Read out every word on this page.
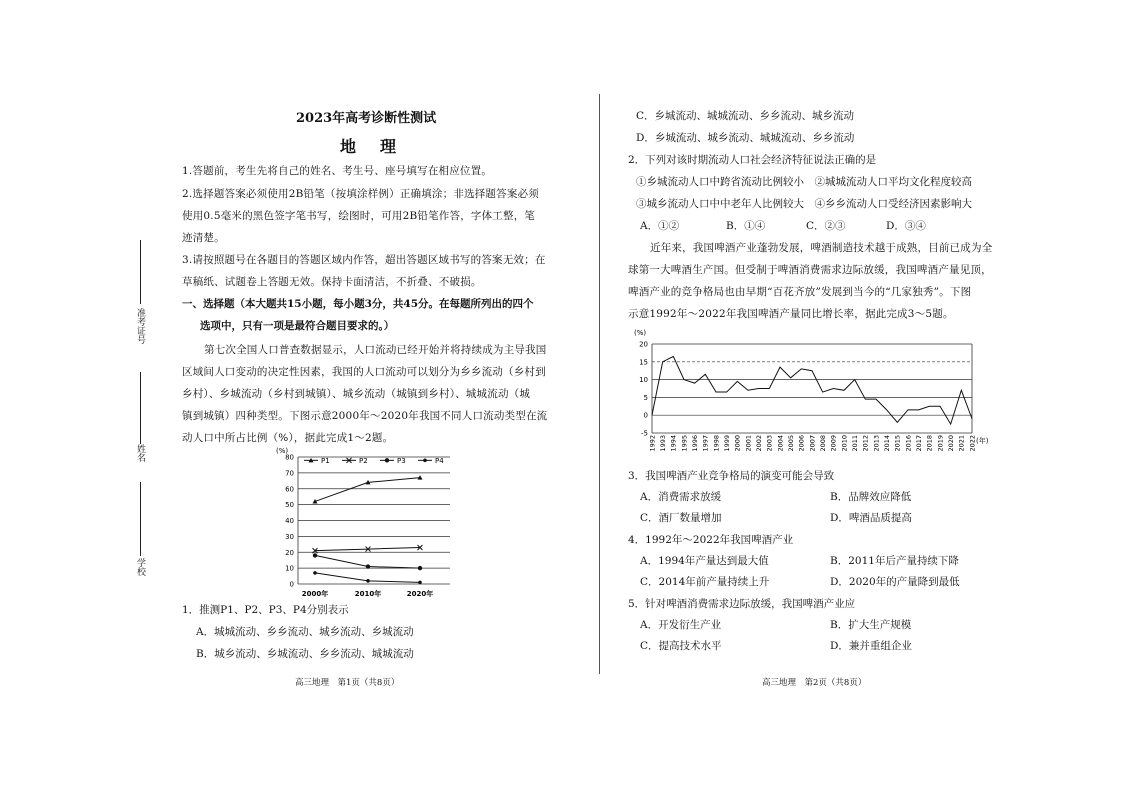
2023年高考诊断性测试
地　理
1.答题前，考生先将自己的姓名、考生号、座号填写在相应位置。
2.选择题答案必须使用2B铅笔（按填涂样例）正确填涂；非选择题答案必须
使用0.5毫米的黑色签字笔书写，绘图时，可用2B铅笔作答，字体工整，笔
迹清楚。
3.请按照题号在各题目的答题区域内作答，超出答题区域书写的答案无效；在
草稿纸、试题卷上答题无效。保持卡面清洁，不折叠、不破损。
一、选择题（本大题共15小题，每小题3分，共45分。在每题所列出的四个
选项中，只有一项是最符合题目要求的。）
第七次全国人口普查数据显示，人口流动已经开始并将持续成为主导我国
区域间人口变动的决定性因素，我国的人口流动可以划分为乡乡流动（乡村到
乡村）、乡城流动（乡村到城镇）、城乡流动（城镇到乡村）、城城流动（城
镇到城镇）四种类型。下图示意2000年～2020年我国不同人口流动类型在流
动人口中所占比例（%），据此完成1～2题。
(%)
0
10
20
30
40
50
60
70
80
2000年	2010年	2020年
P1	P2	P3	P4
1．推测P1、P2、P3、P4分别表示
A．城城流动、乡乡流动、城乡流动、乡城流动
B．城乡流动、乡城流动、乡乡流动、城城流动
高三地理　第1页（共8页）
准考证号
姓名
学校
C．乡城流动、城城流动、乡乡流动、城乡流动
D．乡城流动、城乡流动、城城流动、乡乡流动
2．下列对该时期流动人口社会经济特征说法正确的是
①乡城流动人口中跨省流动比例较小　②城城流动人口平均文化程度较高
③城乡流动人口中中老年人比例较大　④乡乡流动人口受经济因素影响大
A．①②	B．①④	C．②③	D．③④
近年来，我国啤酒产业蓬勃发展，啤酒制造技术越于成熟，目前已成为全
球第一大啤酒生产国。但受制于啤酒消费需求边际放缓，我国啤酒产量见顶，
啤酒产业的竞争格局也由早期“百花齐放”发展到当今的“几家独秀”。下图
示意1992年～2022年我国啤酒产量同比增长率，据此完成3～5题。
(%)
-5
0
5
10
15
20
1992 1993 1994 1995 1996 1997 1998 1999 2000 2001 2002 2003 2004 2005 2006 2007 2008 2009 2010 2011 2012 2013 2014 2015 2016 2017 2018 2019 2020 2021 2022 (年)
3．我国啤酒产业竞争格局的演变可能会导致
A．消费需求放缓	B．品牌效应降低
C．酒厂数量增加	D．啤酒品质提高
4．1992年～2022年我国啤酒产业
A．1994年产量达到最大值	B．2011年后产量持续下降
C．2014年前产量持续上升	D．2020年的产量降到最低
5．针对啤酒消费需求边际放缓，我国啤酒产业应
A．开发衍生产业	B．扩大生产规模
C．提高技术水平	D．兼并重组企业
高三地理　第2页（共8页）
